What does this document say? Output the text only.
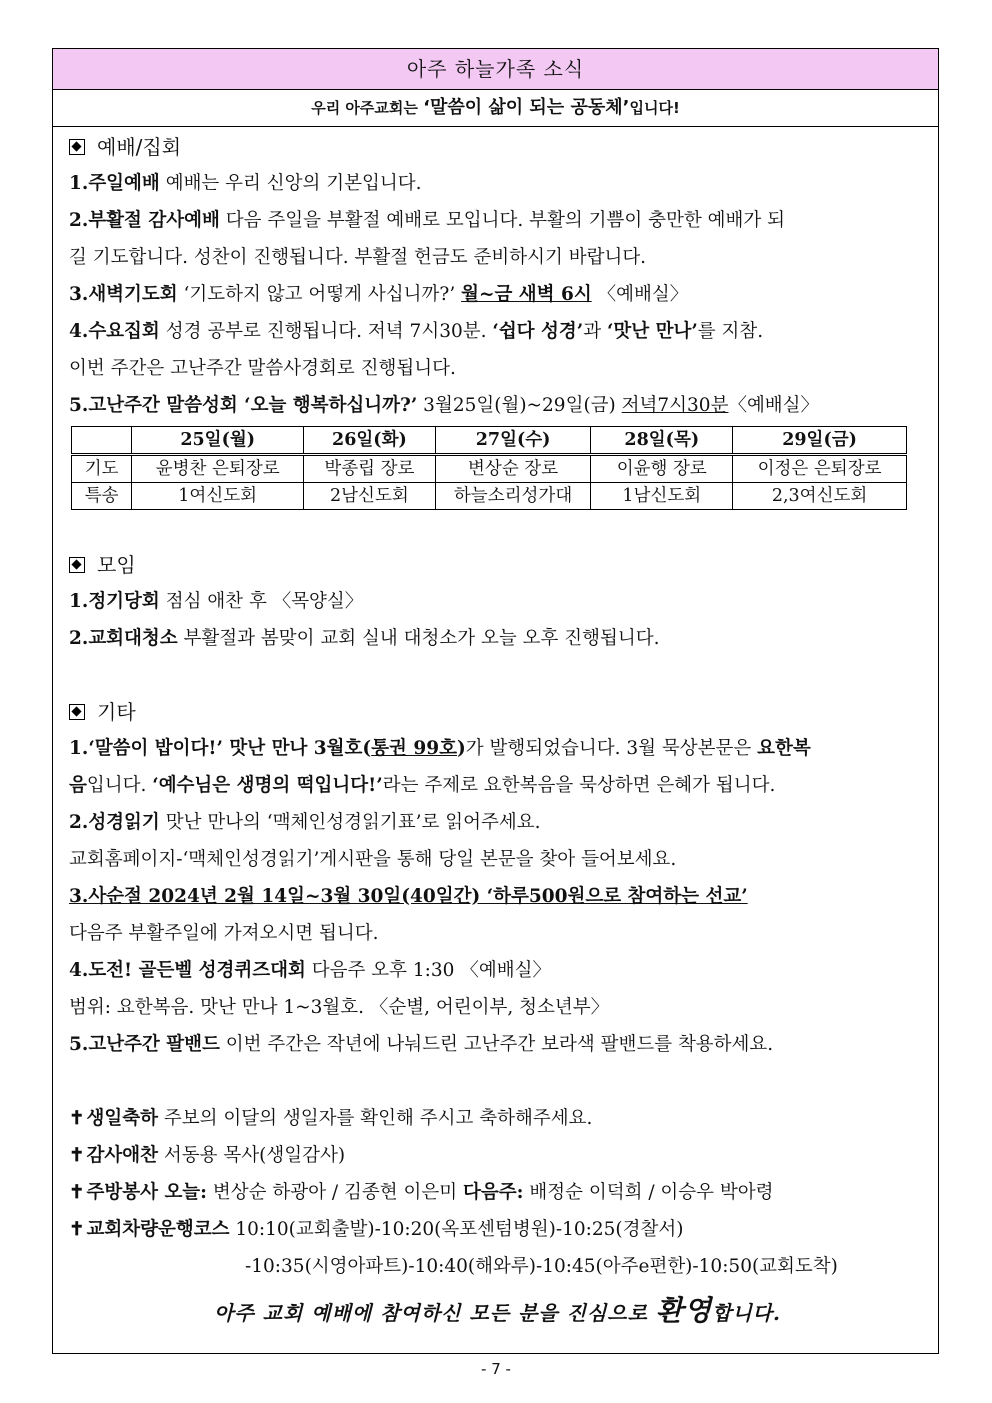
아주 하늘가족 소식
우리 아주교회는 ‘말씀이 삶이 되는 공동체’입니다!
예배/집회
1.주일예배 예배는 우리 신앙의 기본입니다.
2.부활절 감사예배 다음 주일을 부활절 예배로 모입니다. 부활의 기쁨이 충만한 예배가 되
길 기도합니다. 성찬이 진행됩니다. 부활절 헌금도 준비하시기 바랍니다.
3.새벽기도회 ‘기도하지 않고 어떻게 사십니까?’ 월~금 새벽 6시 〈예배실〉
4.수요집회 성경 공부로 진행됩니다. 저녁 7시30분. ‘쉽다 성경’과 ‘맛난 만나’를 지참.
이번 주간은 고난주간 말씀사경회로 진행됩니다.
5.고난주간 말씀성회 ‘오늘 행복하십니까?’ 3월25일(월)~29일(금) 저녁7시30분〈예배실〉
	25일(월)	26일(화)	27일(수)	28일(목)	29일(금)
기도	윤병찬 은퇴장로	박종립 장로	변상순 장로	이윤행 장로	이정은 은퇴장로
특송	1여신도회	2남신도회	하늘소리성가대	1남신도회	2,3여신도회
모임
1.정기당회 점심 애찬 후 〈목양실〉
2.교회대청소 부활절과 봄맞이 교회 실내 대청소가 오늘 오후 진행됩니다.
기타
1.‘말씀이 밥이다!’ 맛난 만나 3월호(통권 99호)가 발행되었습니다. 3월 묵상본문은 요한복
음입니다. ‘예수님은 생명의 떡입니다!’라는 주제로 요한복음을 묵상하면 은혜가 됩니다.
2.성경읽기 맛난 만나의 ‘맥체인성경읽기표’로 읽어주세요.
교회홈페이지-‘맥체인성경읽기’게시판을 통해 당일 본문을 찾아 들어보세요.
3.사순절 2024년 2월 14일~3월 30일(40일간) ‘하루500원으로 참여하는 선교’
다음주 부활주일에 가져오시면 됩니다.
4.도전! 골든벨 성경퀴즈대회 다음주 오후 1:30 〈예배실〉
범위: 요한복음. 맛난 만나 1~3월호. 〈순별, 어린이부, 청소년부〉
5.고난주간 팔밴드 이번 주간은 작년에 나눠드린 고난주간 보라색 팔밴드를 착용하세요.
✝ 생일축하 주보의 이달의 생일자를 확인해 주시고 축하해주세요.
✝ 감사애찬 서동용 목사(생일감사)
✝ 주방봉사 오늘: 변상순 하광아 / 김종현 이은미 다음주: 배정순 이덕희 / 이승우 박아령
✝ 교회차량운행코스 10:10(교회출발)-10:20(옥포센텀병원)-10:25(경찰서)
-10:35(시영아파트)-10:40(해와루)-10:45(아주e편한)-10:50(교회도착)
아주 교회 예배에 참여하신 모든 분을 진심으로 환영합니다.
- 7 -
